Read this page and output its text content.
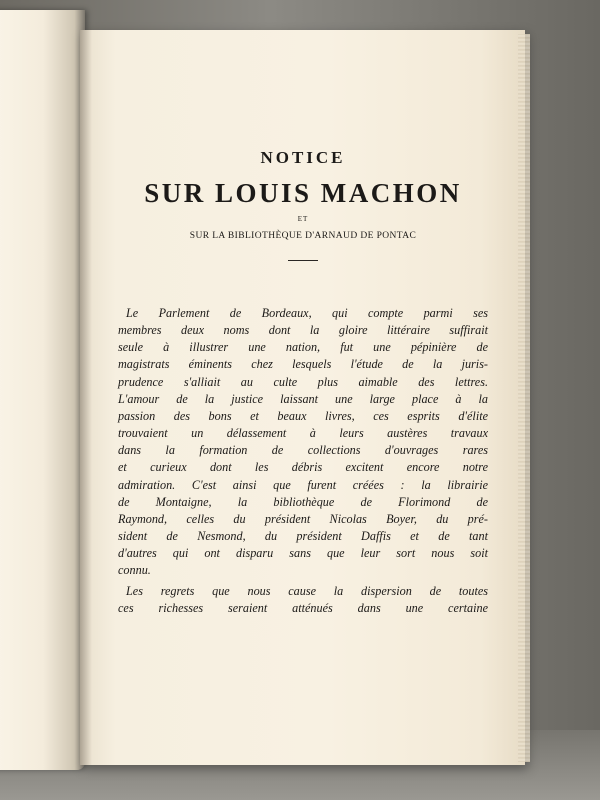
NOTICE
SUR LOUIS MACHON
ET
SUR LA BIBLIOTHÈQUE D'ARNAUD DE PONTAC

Le Parlement de Bordeaux, qui compte parmi ses
membres deux noms dont la gloire littéraire suffirait
seule à illustrer une nation, fut une pépinière de
magistrats éminents chez lesquels l'étude de la juris-
prudence s'alliait au culte plus aimable des lettres.
L'amour de la justice laissant une large place à la
passion des bons et beaux livres, ces esprits d'élite
trouvaient un délassement à leurs austères travaux
dans la formation de collections d'ouvrages rares
et curieux dont les débris excitent encore notre
admiration. C'est ainsi que furent créées : la librairie
de Montaigne, la bibliothèque de Florimond de
Raymond, celles du président Nicolas Boyer, du pré-
sident de Nesmond, du président Daffis et de tant
d'autres qui ont disparu sans que leur sort nous soit
connu.

Les regrets que nous cause la dispersion de toutes
ces richesses seraient atténués dans une certaine
